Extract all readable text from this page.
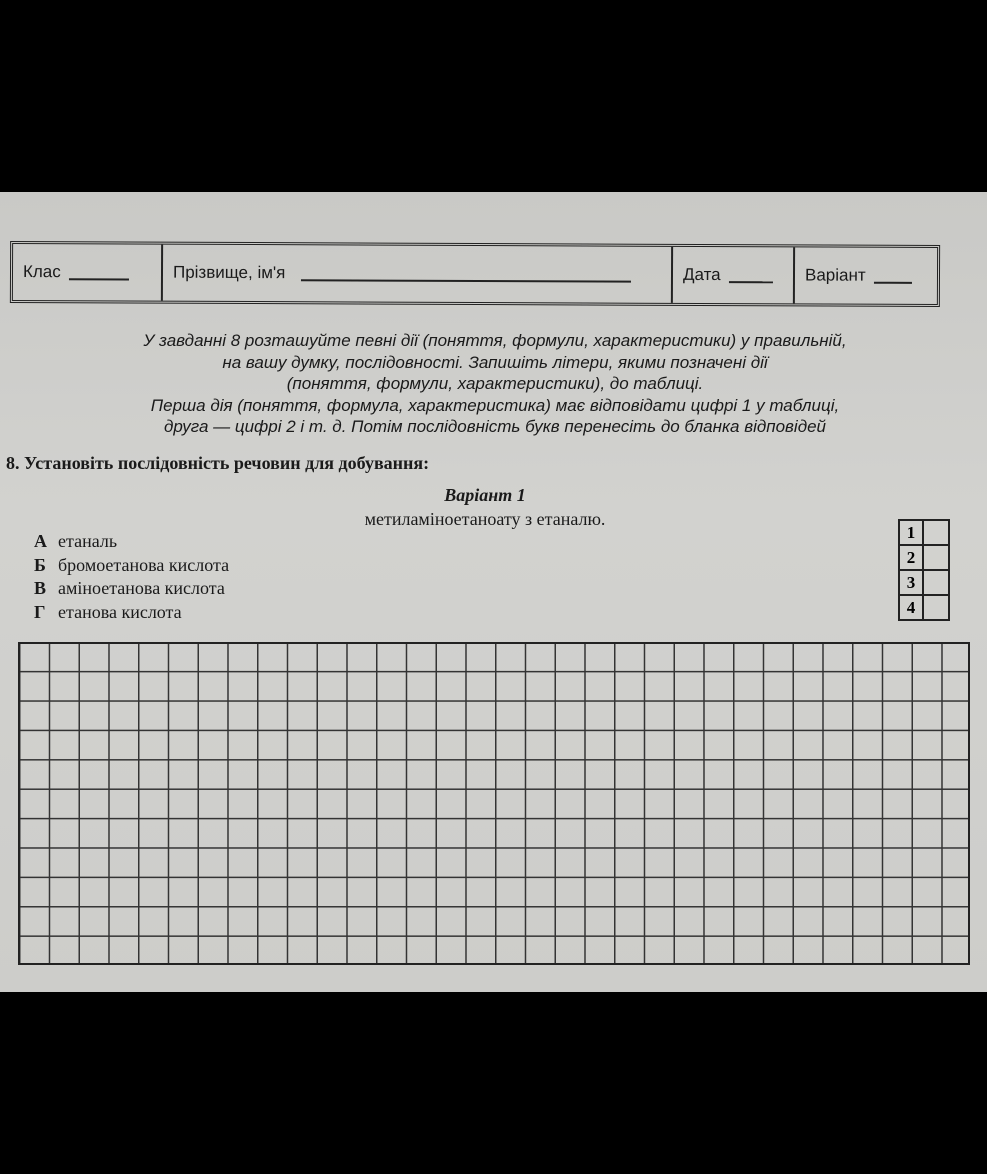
Клас	Прізвище, ім'я	Дата	Варіант
У завданні 8 розташуйте певні дії (поняття, формули, характеристики) у правильній,
на вашу думку, послідовності. Запишіть літери, якими позначені дії
(поняття, формули, характеристики), до таблиці.
Перша дія (поняття, формула, характеристика) має відповідати цифрі 1 у таблиці,
друга — цифрі 2 і т. д. Потім послідовність букв перенесіть до бланка відповідей
8. Установіть послідовність речовин для добування:
Варіант 1
метиламіноетаноату з етаналю.
А етаналь
Б бромоетанова кислота
В аміноетанова кислота
Г етанова кислота
1	
2	
3	
4	
